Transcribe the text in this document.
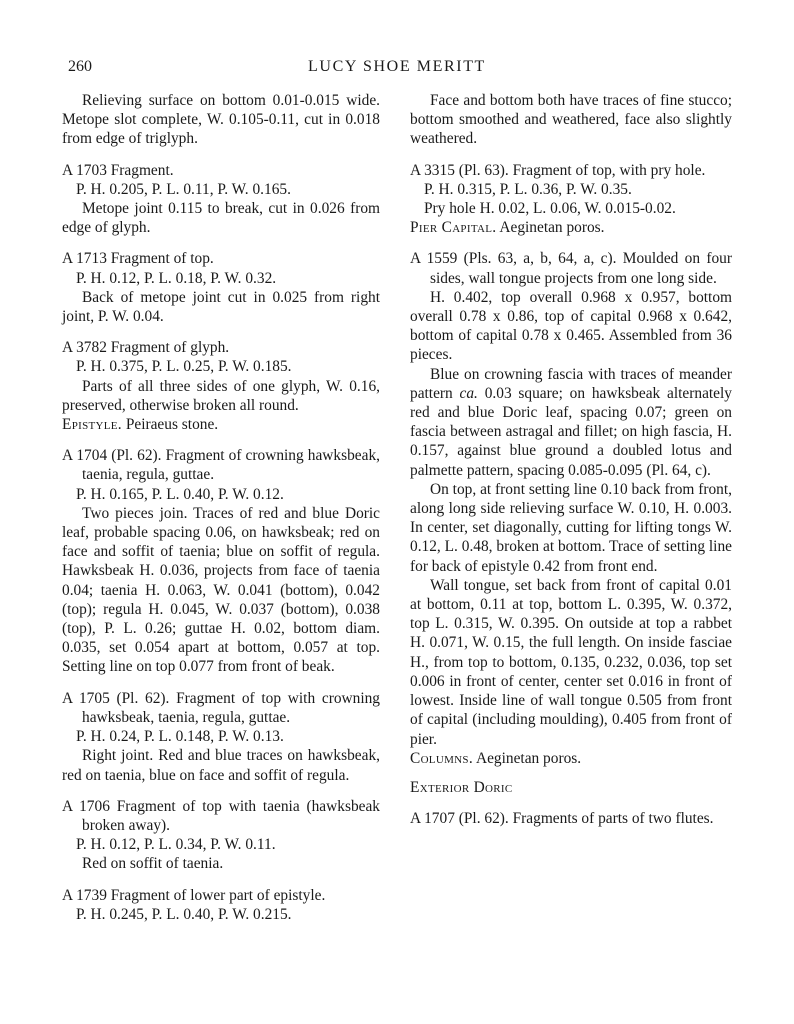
260	LUCY SHOE MERITT

Relieving surface on bottom 0.01-0.015 wide. Metope slot complete, W. 0.105-0.11, cut in 0.018 from edge of triglyph.

A 1703 Fragment.

P. H. 0.205, P. L. 0.11, P. W. 0.165.

Metope joint 0.115 to break, cut in 0.026 from edge of glyph.

A 1713 Fragment of top.

P. H. 0.12, P. L. 0.18, P. W. 0.32.

Back of metope joint cut in 0.025 from right joint, P. W. 0.04.

A 3782 Fragment of glyph.

P. H. 0.375, P. L. 0.25, P. W. 0.185.

Parts of all three sides of one glyph, W. 0.16, preserved, otherwise broken all round.

Epistyle. Peiraeus stone.

A 1704 (Pl. 62). Fragment of crowning hawksbeak, taenia, regula, guttae.

P. H. 0.165, P. L. 0.40, P. W. 0.12.

Two pieces join. Traces of red and blue Doric leaf, probable spacing 0.06, on hawksbeak; red on face and soffit of taenia; blue on soffit of regula. Hawksbeak H. 0.036, projects from face of taenia 0.04; taenia H. 0.063, W. 0.041 (bottom), 0.042 (top); regula H. 0.045, W. 0.037 (bottom), 0.038 (top), P. L. 0.26; guttae H. 0.02, bottom diam. 0.035, set 0.054 apart at bottom, 0.057 at top. Setting line on top 0.077 from front of beak.

A 1705 (Pl. 62). Fragment of top with crowning hawksbeak, taenia, regula, guttae.

P. H. 0.24, P. L. 0.148, P. W. 0.13.

Right joint. Red and blue traces on hawksbeak, red on taenia, blue on face and soffit of regula.

A 1706 Fragment of top with taenia (hawksbeak broken away).

P. H. 0.12, P. L. 0.34, P. W. 0.11.

Red on soffit of taenia.

A 1739 Fragment of lower part of epistyle.

P. H. 0.245, P. L. 0.40, P. W. 0.215.

Face and bottom both have traces of fine stucco; bottom smoothed and weathered, face also slightly weathered.

A 3315 (Pl. 63). Fragment of top, with pry hole.

P. H. 0.315, P. L. 0.36, P. W. 0.35.

Pry hole H. 0.02, L. 0.06, W. 0.015-0.02.

Pier Capital. Aeginetan poros.

A 1559 (Pls. 63, a, b, 64, a, c). Moulded on four sides, wall tongue projects from one long side.

H. 0.402, top overall 0.968 x 0.957, bottom overall 0.78 x 0.86, top of capital 0.968 x 0.642, bottom of capital 0.78 x 0.465. Assembled from 36 pieces.

Blue on crowning fascia with traces of meander pattern ca. 0.03 square; on hawksbeak alternately red and blue Doric leaf, spacing 0.07; green on fascia between astragal and fillet; on high fascia, H. 0.157, against blue ground a doubled lotus and palmette pattern, spacing 0.085-0.095 (Pl. 64, c).

On top, at front setting line 0.10 back from front, along long side relieving surface W. 0.10, H. 0.003. In center, set diagonally, cutting for lifting tongs W. 0.12, L. 0.48, broken at bottom. Trace of setting line for back of epistyle 0.42 from front end.

Wall tongue, set back from front of capital 0.01 at bottom, 0.11 at top, bottom L. 0.395, W. 0.372, top L. 0.315, W. 0.395. On outside at top a rabbet H. 0.071, W. 0.15, the full length. On inside fasciae H., from top to bottom, 0.135, 0.232, 0.036, top set 0.006 in front of center, center set 0.016 in front of lowest. Inside line of wall tongue 0.505 from front of capital (including moulding), 0.405 from front of pier.

Columns. Aeginetan poros.

Exterior Doric

A 1707 (Pl. 62). Fragments of parts of two flutes.
